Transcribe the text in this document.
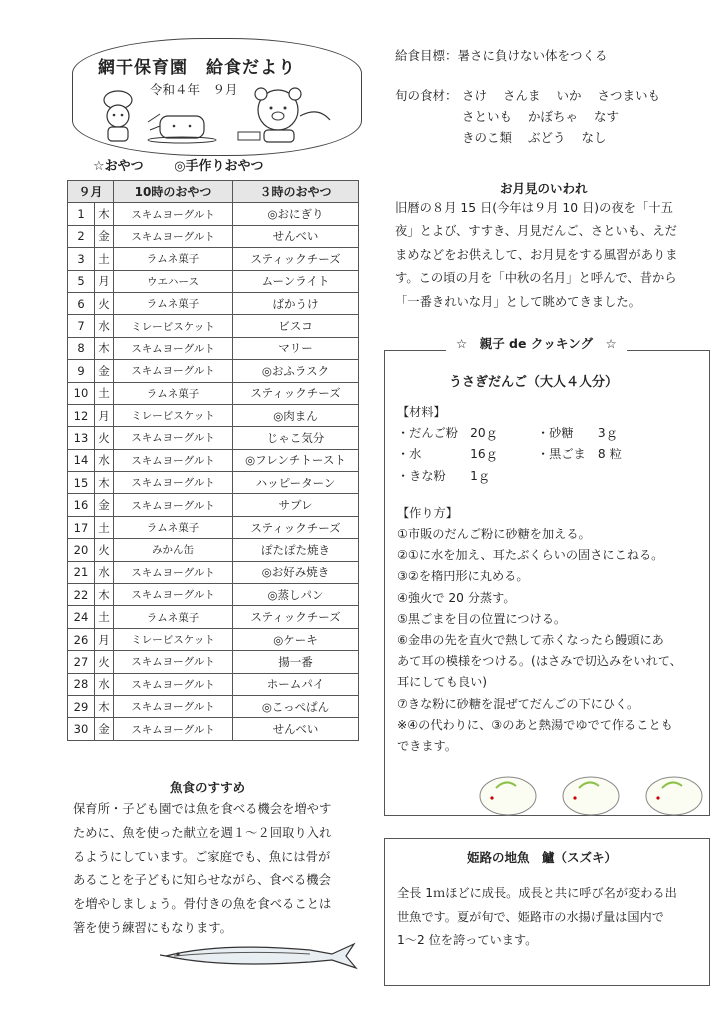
網干保育園　給食だより
令和４年　９月
☆おやつ ◎手作りおやつ
９月		10時のおやつ	３時のおやつ
1	木	スキムヨーグルト	◎おにぎり
2	金	スキムヨーグルト	せんべい
3	土	ラムネ菓子	スティックチーズ
5	月	ウエハース	ムーンライト
6	火	ラムネ菓子	ばかうけ
7	水	ミレービスケット	ビスコ
8	木	スキムヨーグルト	マリー
9	金	スキムヨーグルト	◎おふラスク
10	土	ラムネ菓子	スティックチーズ
12	月	ミレービスケット	◎肉まん
13	火	スキムヨーグルト	じゃこ気分
14	水	スキムヨーグルト	◎フレンチトースト
15	木	スキムヨーグルト	ハッピーターン
16	金	スキムヨーグルト	サブレ
17	土	ラムネ菓子	スティックチーズ
20	火	みかん缶	ぽたぽた焼き
21	水	スキムヨーグルト	◎お好み焼き
22	木	スキムヨーグルト	◎蒸しパン
24	土	ラムネ菓子	スティックチーズ
26	月	ミレービスケット	◎ケーキ
27	火	スキムヨーグルト	揚一番
28	水	スキムヨーグルト	ホームパイ
29	木	スキムヨーグルト	◎こっぺぱん
30	金	スキムヨーグルト	せんべい
魚食のすすめ
保育所・子ども園では魚を食べる機会を増やす
ために、魚を使った献立を週１～２回取り入れ
るようにしています。ご家庭でも、魚には骨が
あることを子どもに知らせながら、食べる機会
を増やしましょう。骨付きの魚を食べることは
箸を使う練習にもなります。
給食目標：暑さに負けない体をつくる
旬の食材： さけ さんま いか さつまいも
さといも かぼちゃ なす
きのこ類 ぶどう なし
お月見のいわれ
旧暦の８月 15 日(今年は９月 10 日)の夜を「十五
夜」とよび、すすき、月見だんご、さといも、えだ
まめなどをお供えして、お月見をする風習がありま
す。この頃の月を「中秋の名月」と呼んで、昔から
「一番きれいな月」として眺めてきました。
☆　親子 de クッキング　☆
うさぎだんご（大人４人分）
【材料】
・だんご粉　20ｇ	・砂糖　　3ｇ
・水　　　　16ｇ	・黒ごま　8 粒
・きな粉　　1ｇ
【作り方】
①市販のだんご粉に砂糖を加える。
②①に水を加え、耳たぶくらいの固さにこねる。
③②を楕円形に丸める。
④強火で 20 分蒸す。
⑤黒ごまを目の位置につける。
⑥金串の先を直火で熱して赤くなったら饅頭にあ
あて耳の模様をつける。(はさみで切込みをいれて、
耳にしても良い)
⑦きな粉に砂糖を混ぜてだんごの下にひく。
※④の代わりに、③のあと熱湯でゆでて作ることも
できます。
姫路の地魚　鱸（スズキ）
全長 1ｍほどに成長。成長と共に呼び名が変わる出
世魚です。夏が旬で、姫路市の水揚げ量は国内で
1～2 位を誇っています。
